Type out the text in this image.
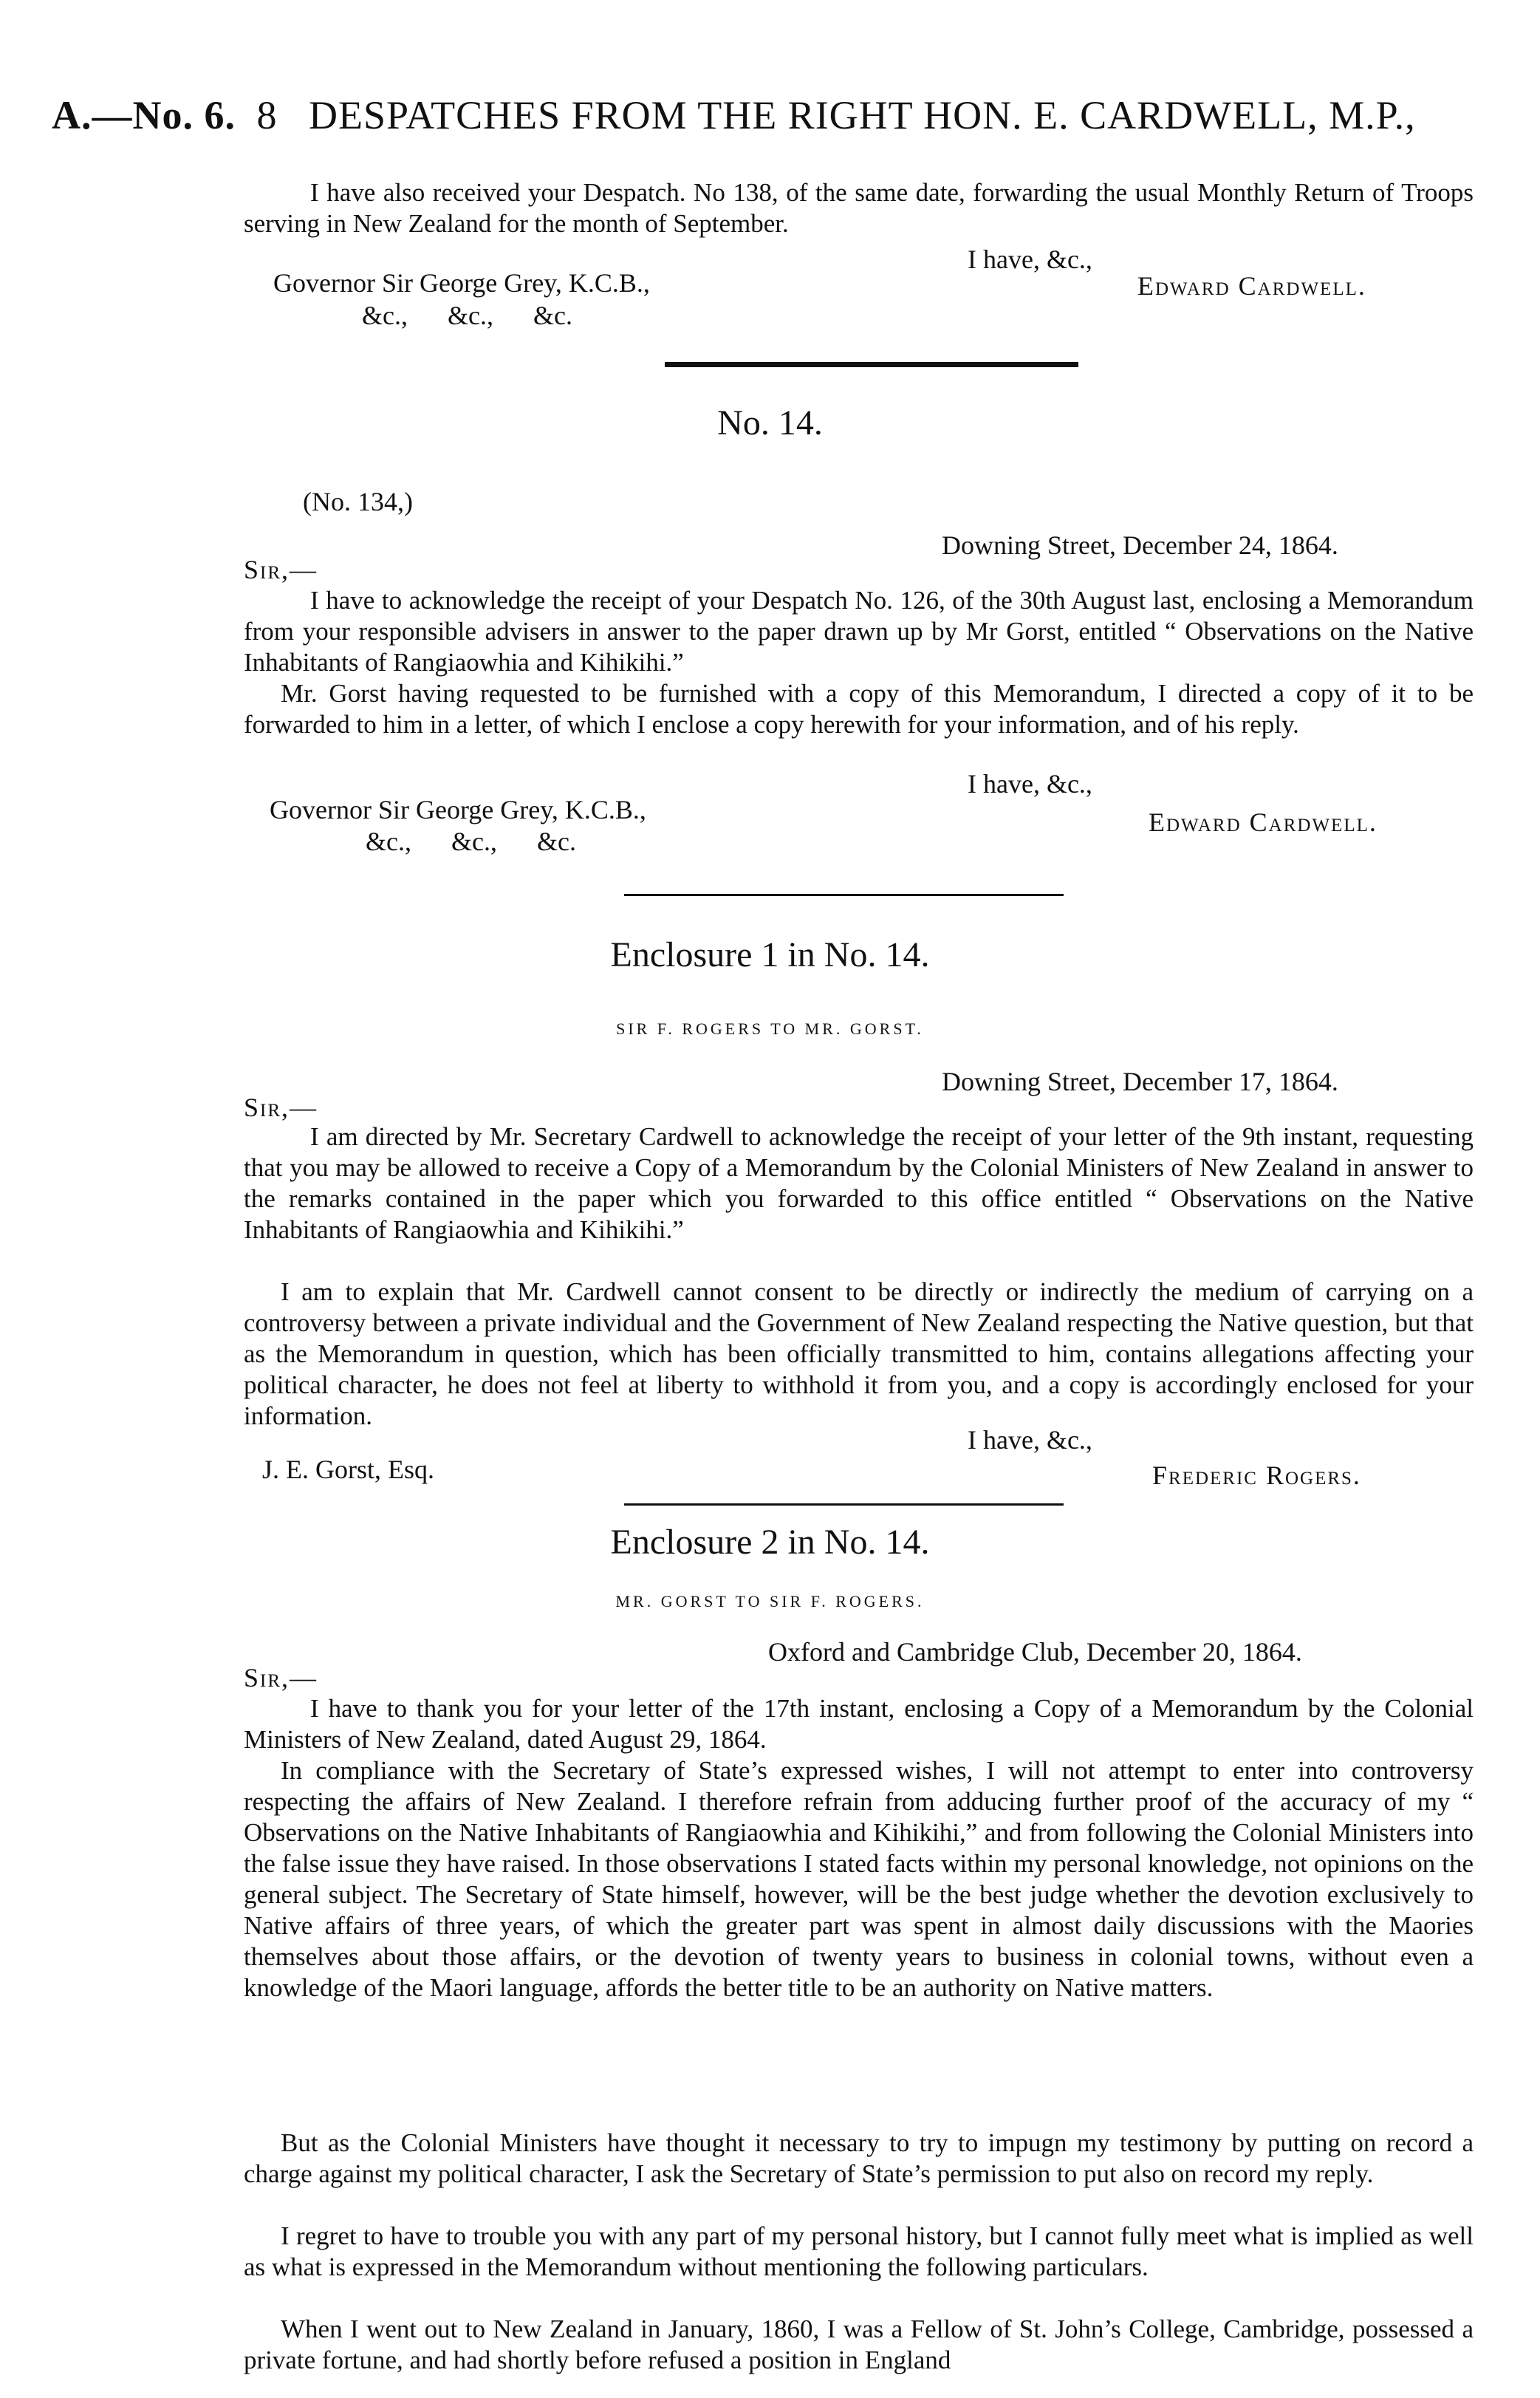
A.—No. 6. 8 DESPATCHES FROM THE RIGHT HON. E. CARDWELL, M.P.,
I have also received your Despatch. No 138, of the same date, forwarding the usual Monthly Return of Troops serving in New Zealand for the month of September.
I have, &c.,
Governor Sir George Grey, K.C.B.,	Edward Cardwell.
&c.,      &c.,      &c.
No. 14.
(No. 134,)
Downing Street, December 24, 1864.
Sir,—
I have to acknowledge the receipt of your Despatch No. 126, of the 30th August last, enclosing a Memorandum from your responsible advisers in answer to the paper drawn up by Mr Gorst, entitled “ Observations on the Native Inhabitants of Rangiaowhia and Kihikihi.”
Mr. Gorst having requested to be furnished with a copy of this Memorandum, I directed a copy of it to be forwarded to him in a letter, of which I enclose a copy herewith for your information, and of his reply.
I have, &c.,
Governor Sir George Grey, K.C.B.,	Edward Cardwell.
&c.,      &c.,      &c.
Enclosure 1 in No. 14.
SIR F. ROGERS TO MR. GORST.
Downing Street, December 17, 1864.
Sir,—
I am directed by Mr. Secretary Cardwell to acknowledge the receipt of your letter of the 9th instant, requesting that you may be allowed to receive a Copy of a Memorandum by the Colonial Ministers of New Zealand in answer to the remarks contained in the paper which you forwarded to this office entitled “ Observations on the Native Inhabitants of Rangiaowhia and Kihikihi.”
I am to explain that Mr. Cardwell cannot consent to be directly or indirectly the medium of carrying on a controversy between a private individual and the Government of New Zealand respecting the Native question, but that as the Memorandum in question, which has been officially transmitted to him, contains allegations affecting your political character, he does not feel at liberty to withhold it from you, and a copy is accordingly enclosed for your information.
I have, &c.,
J. E. Gorst, Esq.	Frederic Rogers.
Enclosure 2 in No. 14.
MR. GORST TO SIR F. ROGERS.
Oxford and Cambridge Club, December 20, 1864.
Sir,—
I have to thank you for your letter of the 17th instant, enclosing a Copy of a Memorandum by the Colonial Ministers of New Zealand, dated August 29, 1864.
In compliance with the Secretary of State’s expressed wishes, I will not attempt to enter into controversy respecting the affairs of New Zealand. I therefore refrain from adducing further proof of the accuracy of my “ Observations on the Native Inhabitants of Rangiaowhia and Kihikihi,” and from following the Colonial Ministers into the false issue they have raised. In those observations I stated facts within my personal knowledge, not opinions on the general subject. The Secretary of State himself, however, will be the best judge whether the devotion exclusively to Native affairs of three years, of which the greater part was spent in almost daily discussions with the Maories themselves about those affairs, or the devotion of twenty years to business in colonial towns, without even a knowledge of the Maori language, affords the better title to be an authority on Native matters.
But as the Colonial Ministers have thought it necessary to try to impugn my testimony by putting on record a charge against my political character, I ask the Secretary of State’s permission to put also on record my reply.
I regret to have to trouble you with any part of my personal history, but I cannot fully meet what is implied as well as what is expressed in the Memorandum without mentioning the following particulars.
When I went out to New Zealand in January, 1860, I was a Fellow of St. John’s College, Cambridge, possessed a private fortune, and had shortly before refused a position in England
